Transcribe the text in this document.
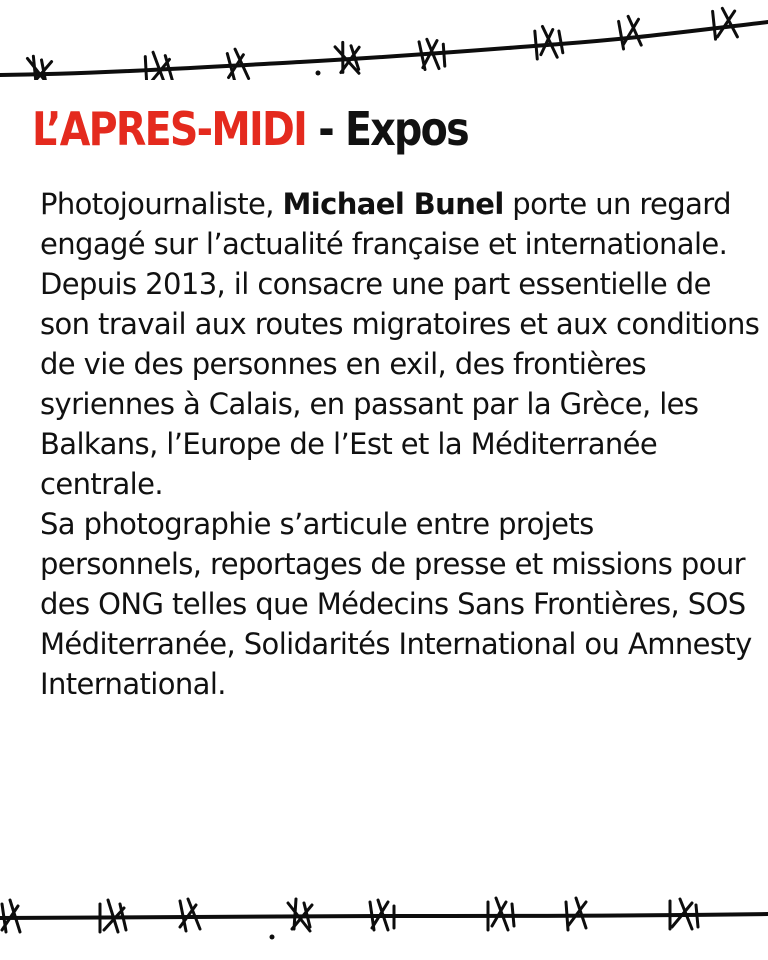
L’APRES-MIDI - Expos

Photojournaliste, Michael Bunel porte un regard engagé sur l’actualité française et internationale.

Depuis 2013, il consacre une part essentielle de son travail aux routes migratoires et aux conditions de vie des personnes en exil, des frontières syriennes à Calais, en passant par la Grèce, les Balkans, l’Europe de l’Est et la Méditerranée centrale.

Sa photographie s’articule entre projets personnels, reportages de presse et missions pour des ONG telles que Médecins Sans Frontières, SOS Méditerranée, Solidarités International ou Amnesty International.
